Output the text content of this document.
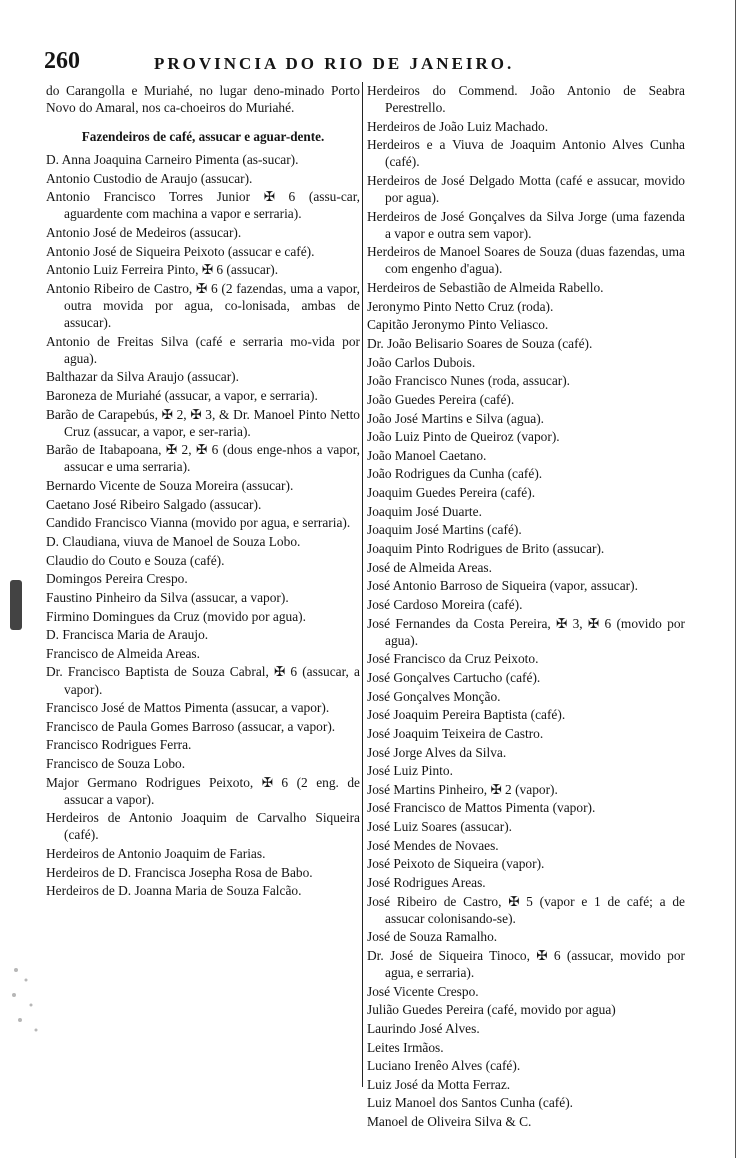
260	PROVINCIA DO RIO DE JANEIRO.

do Carangolla e Muriahé, no lugar deno-minado Porto Novo do Amaral, nos ca-choeiros do Muriahé.

Fazendeiros de café, assucar e aguar-dente.

D. Anna Joaquina Carneiro Pimenta (as-sucar).

Antonio Custodio de Araujo (assucar).

Antonio Francisco Torres Junior ✠ 6 (assu-car, aguardente com machina a vapor e serraria).

Antonio José de Medeiros (assucar).

Antonio José de Siqueira Peixoto (assucar e café).

Antonio Luiz Ferreira Pinto, ✠ 6 (assucar).

Antonio Ribeiro de Castro, ✠ 6 (2 fazendas, uma a vapor, outra movida por agua, co-lonisada, ambas de assucar).

Antonio de Freitas Silva (café e serraria mo-vida por agua).

Balthazar da Silva Araujo (assucar).

Baroneza de Muriahé (assucar, a vapor, e serraria).

Barão de Carapebús, ✠ 2, ✠ 3, & Dr. Manoel Pinto Netto Cruz (assucar, a vapor, e ser-raria).

Barão de Itabapoana, ✠ 2, ✠ 6 (dous enge-nhos a vapor, assucar e uma serraria).

Bernardo Vicente de Souza Moreira (assucar).

Caetano José Ribeiro Salgado (assucar).

Candido Francisco Vianna (movido por agua, e serraria).

D. Claudiana, viuva de Manoel de Souza Lobo.

Claudio do Couto e Souza (café).

Domingos Pereira Crespo.

Faustino Pinheiro da Silva (assucar, a vapor).

Firmino Domingues da Cruz (movido por agua).

D. Francisca Maria de Araujo.

Francisco de Almeida Areas.

Dr. Francisco Baptista de Souza Cabral, ✠ 6 (assucar, a vapor).

Francisco José de Mattos Pimenta (assucar, a vapor).

Francisco de Paula Gomes Barroso (assucar, a vapor).

Francisco Rodrigues Ferra.

Francisco de Souza Lobo.

Major Germano Rodrigues Peixoto, ✠ 6 (2 eng. de assucar a vapor).

Herdeiros de Antonio Joaquim de Carvalho Siqueira (café).

Herdeiros de Antonio Joaquim de Farias.

Herdeiros de D. Francisca Josepha Rosa de Babo.

Herdeiros de D. Joanna Maria de Souza Falcão.

Herdeiros do Commend. João Antonio de Seabra Perestrello.

Herdeiros de João Luiz Machado.

Herdeiros e a Viuva de Joaquim Antonio Alves Cunha (café).

Herdeiros de José Delgado Motta (café e assucar, movido por agua).

Herdeiros de José Gonçalves da Silva Jorge (uma fazenda a vapor e outra sem vapor).

Herdeiros de Manoel Soares de Souza (duas fazendas, uma com engenho d'agua).

Herdeiros de Sebastião de Almeida Rabello.

Jeronymo Pinto Netto Cruz (roda).

Capitão Jeronymo Pinto Veliasco.

Dr. João Belisario Soares de Souza (café).

João Carlos Dubois.

João Francisco Nunes (roda, assucar).

João Guedes Pereira (café).

João José Martins e Silva (agua).

João Luiz Pinto de Queiroz (vapor).

João Manoel Caetano.

João Rodrigues da Cunha (café).

Joaquim Guedes Pereira (café).

Joaquim José Duarte.

Joaquim José Martins (café).

Joaquim Pinto Rodrigues de Brito (assucar).

José de Almeida Areas.

José Antonio Barroso de Siqueira (vapor, assucar).

José Cardoso Moreira (café).

José Fernandes da Costa Pereira, ✠ 3, ✠ 6 (movido por agua).

José Francisco da Cruz Peixoto.

José Gonçalves Cartucho (café).

José Gonçalves Monção.

José Joaquim Pereira Baptista (café).

José Joaquim Teixeira de Castro.

José Jorge Alves da Silva.

José Luiz Pinto.

José Martins Pinheiro, ✠ 2 (vapor).

José Francisco de Mattos Pimenta (vapor).

José Luiz Soares (assucar).

José Mendes de Novaes.

José Peixoto de Siqueira (vapor).

José Rodrigues Areas.

José Ribeiro de Castro, ✠ 5 (vapor e 1 de café; a de assucar colonisando-se).

José de Souza Ramalho.

Dr. José de Siqueira Tinoco, ✠ 6 (assucar, movido por agua, e serraria).

José Vicente Crespo.

Julião Guedes Pereira (café, movido por agua)

Laurindo José Alves.

Leites Irmãos.

Luciano Irenêo Alves (café).

Luiz José da Motta Ferraz.

Luiz Manoel dos Santos Cunha (café).

Manoel de Oliveira Silva & C.
